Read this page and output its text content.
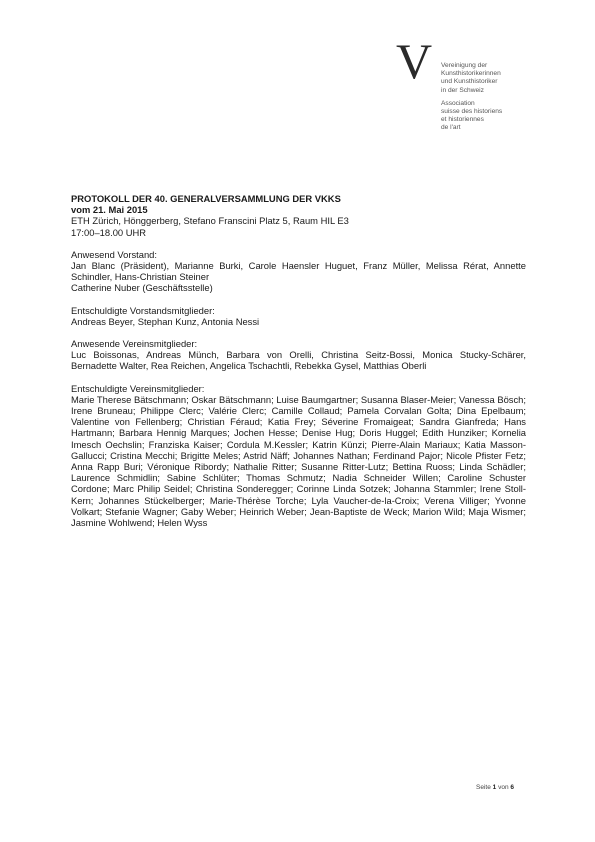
V Vereinigung der
Kunsthistorikerinnen
und Kunsthistoriker
in der Schweiz
Association
suisse des historiens
et historiennes
de l'art
PROTOKOLL DER 40. GENERALVERSAMMLUNG DER VKKS
vom 21. Mai 2015
ETH Zürich, Hönggerberg, Stefano Franscini Platz 5, Raum HIL E3
17:00–18.00 UHR
Anwesend Vorstand:
Jan Blanc (Präsident), Marianne Burki, Carole Haensler Huguet, Franz Müller, Melissa Rérat, Annette Schindler, Hans-Christian Steiner
Catherine Nuber (Geschäftsstelle)
Entschuldigte Vorstandsmitglieder:
Andreas Beyer, Stephan Kunz, Antonia Nessi
Anwesende Vereinsmitglieder:
Luc Boissonas, Andreas Münch, Barbara von Orelli, Christina Seitz-Bossi, Monica Stucky-Schärer, Bernadette Walter, Rea Reichen, Angelica Tschachtli, Rebekka Gysel, Matthias Oberli
Entschuldigte Vereinsmitglieder:
Marie Therese Bätschmann; Oskar Bätschmann; Luise Baumgartner; Susanna Blaser-Meier; Vanessa Bösch; Irene Bruneau; Philippe Clerc; Valérie Clerc; Camille Collaud; Pamela Corvalan Golta; Dina Epelbaum; Valentine von Fellenberg; Christian Féraud; Katia Frey; Séverine Fromaigeat; Sandra Gianfreda; Hans Hartmann; Barbara Hennig Marques; Jochen Hesse; Denise Hug; Doris Huggel; Edith Hunziker; Kornelia Imesch Oechslin; Franziska Kaiser; Cordula M.Kessler; Katrin Künzi; Pierre-Alain Mariaux; Katia Masson-Gallucci; Cristina Mecchi; Brigitte Meles; Astrid Näff; Johannes Nathan; Ferdinand Pajor; Nicole Pfister Fetz; Anna Rapp Buri; Véronique Ribordy; Nathalie Ritter; Susanne Ritter-Lutz; Bettina Ruoss; Linda Schädler; Laurence Schmidlin; Sabine Schlüter; Thomas Schmutz; Nadia Schneider Willen; Caroline Schuster Cordone; Marc Philip Seidel; Christina Sonderegger; Corinne Linda Sotzek; Johanna Stammler; Irene Stoll-Kern; Johannes Stückelberger; Marie-Thérèse Torche; Lyla Vaucher-de-la-Croix; Verena Villiger; Yvonne Volkart; Stefanie Wagner; Gaby Weber; Heinrich Weber; Jean-Baptiste de Weck; Marion Wild; Maja Wismer; Jasmine Wohlwend; Helen Wyss
Seite 1 von 6
